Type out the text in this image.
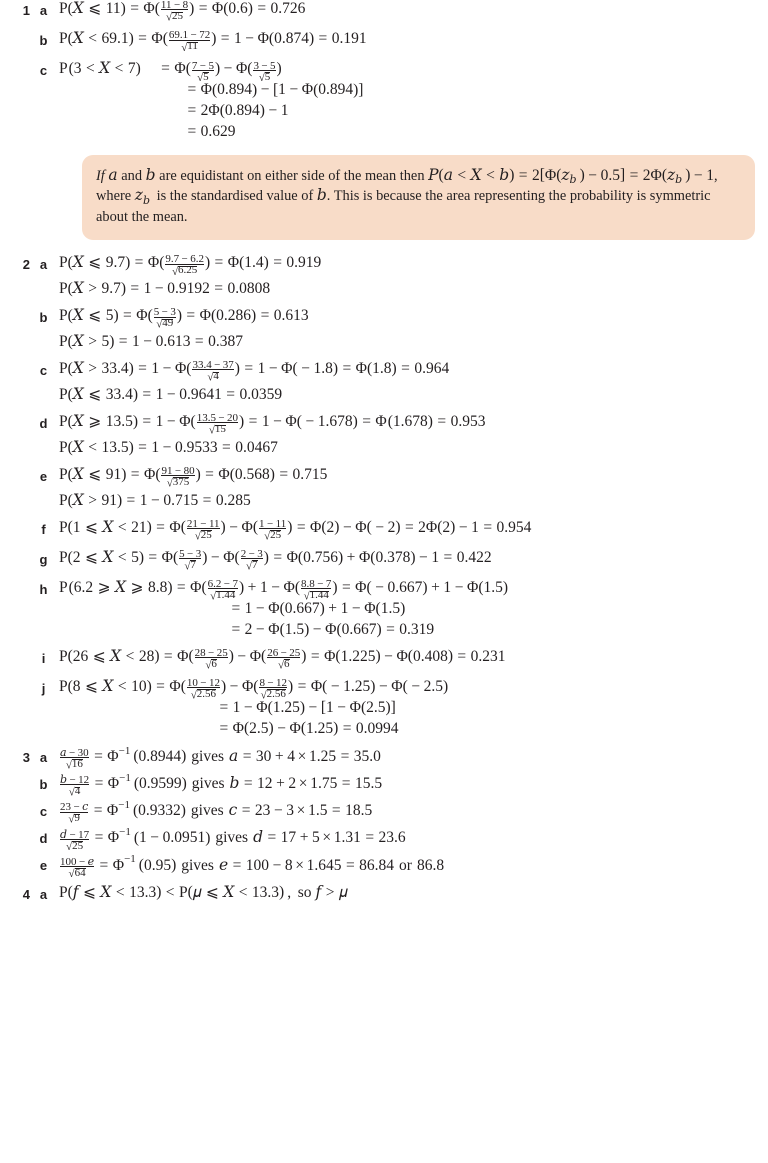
1 a P ( X ⩽ 11 ) = Φ ( 11 − 8
25 ) = Φ ( 0.6 ) = 0.726
b P ( X < 69.1 ) = Φ ( 69.1 − 72
11 ) = 1 − Φ ( 0.874 ) = 0.191
c P ( 3 < X < 7 ) = Φ ( 7 − 5
5 ) − Φ ( 3 − 5
5 )
= Φ ( 0.894 ) − [ 1 − Φ ( 0.894 ) ]
= 2 Φ ( 0.894 ) − 1
= 0.629

If a and b are equidistant on either side of the mean then P ( a < X < b ) = 2 [ Φ ( z b ) − 0.5 ] = 2 Φ ( z b ) − 1 , where z b is the standardised value of b . This is because the area representing the probability is symmetric about the mean.

2 a P ( X ⩽ 9.7 ) = Φ ( 9.7 − 6.2
6.25 ) = Φ ( 1.4 ) = 0.919
P ( X > 9.7 ) = 1 − 0.9192 = 0.0808
b P ( X ⩽ 5 ) = Φ ( 5 − 3
49 ) = Φ ( 0.286 ) = 0.613
P ( X > 5 ) = 1 − 0.613 = 0.387
c P ( X > 33.4 ) = 1 − Φ ( 33.4 − 37
4 ) = 1 − Φ ( − 1.8 ) = Φ ( 1.8 ) = 0.964
P ( X ⩽ 33.4 ) = 1 − 0.9641 = 0.0359
d P ( X ⩾ 13.5 ) = 1 − Φ ( 13.5 − 20
15 ) = 1 − Φ ( − 1.678 ) = Φ ( 1.678 ) = 0.953
P ( X < 13.5 ) = 1 − 0.9533 = 0.0467
e P ( X ⩽ 91 ) = Φ ( 91 − 80
375 ) = Φ ( 0.568 ) = 0.715
P ( X > 91 ) = 1 − 0.715 = 0.285
f P ( 1 ⩽ X < 21 ) = Φ ( 21 − 11
25 ) − Φ ( 1 − 11
25 ) = Φ ( 2 ) − Φ ( − 2 ) = 2 Φ ( 2 ) − 1 = 0.954
g P ( 2 ⩽ X < 5 ) = Φ ( 5 − 3
7 ) − Φ ( 2 − 3
7 ) = Φ ( 0.756 ) + Φ ( 0.378 ) − 1 = 0.422
h P ( 6.2 ⩾ X ⩾ 8.8 ) = Φ ( 6.2 − 7
1.44 ) + 1 − Φ ( 8.8 − 7
1.44 ) = Φ ( − 0.667 ) + 1 − Φ ( 1.5 )
= 1 − Φ ( 0.667 ) + 1 − Φ ( 1.5 )
= 2 − Φ ( 1.5 ) − Φ ( 0.667 ) = 0.319
i P ( 26 ⩽ X < 28 ) = Φ ( 28 − 25
6 ) − Φ ( 26 − 25
6 ) = Φ ( 1.225 ) − Φ ( 0.408 ) = 0.231
j P ( 8 ⩽ X < 10 ) = Φ ( 10 − 12
2.56 ) − Φ ( 8 − 12
2.56 ) = Φ ( − 1.25 ) − Φ ( − 2.5 )
= 1 − Φ ( 1.25 ) − [ 1 − Φ ( 2.5 ) ]
= Φ ( 2.5 ) − Φ ( 1.25 ) = 0.0994
3 a	a − 30
16 = Φ − 1 ( 0.8944 ) gives a = 30 + 4 × 1.25 = 35.0
b	b − 12
4 = Φ − 1 ( 0.9599 ) gives b = 12 + 2 × 1.75 = 15.5
c	23 − c
9 = Φ − 1 ( 0.9332 ) gives c = 23 − 3 × 1.5 = 18.5
d	d − 17
25 = Φ − 1 ( 1 − 0.0951 ) gives d = 17 + 5 × 1.31 = 23.6
e	100 − e
64 = Φ − 1 ( 0.95 ) gives e = 100 − 8 × 1.645 = 86.84 or 86.8
4 a P ( f ⩽ X < 13.3 ) < P ( μ ⩽ X < 13.3 ) , so f > μ
